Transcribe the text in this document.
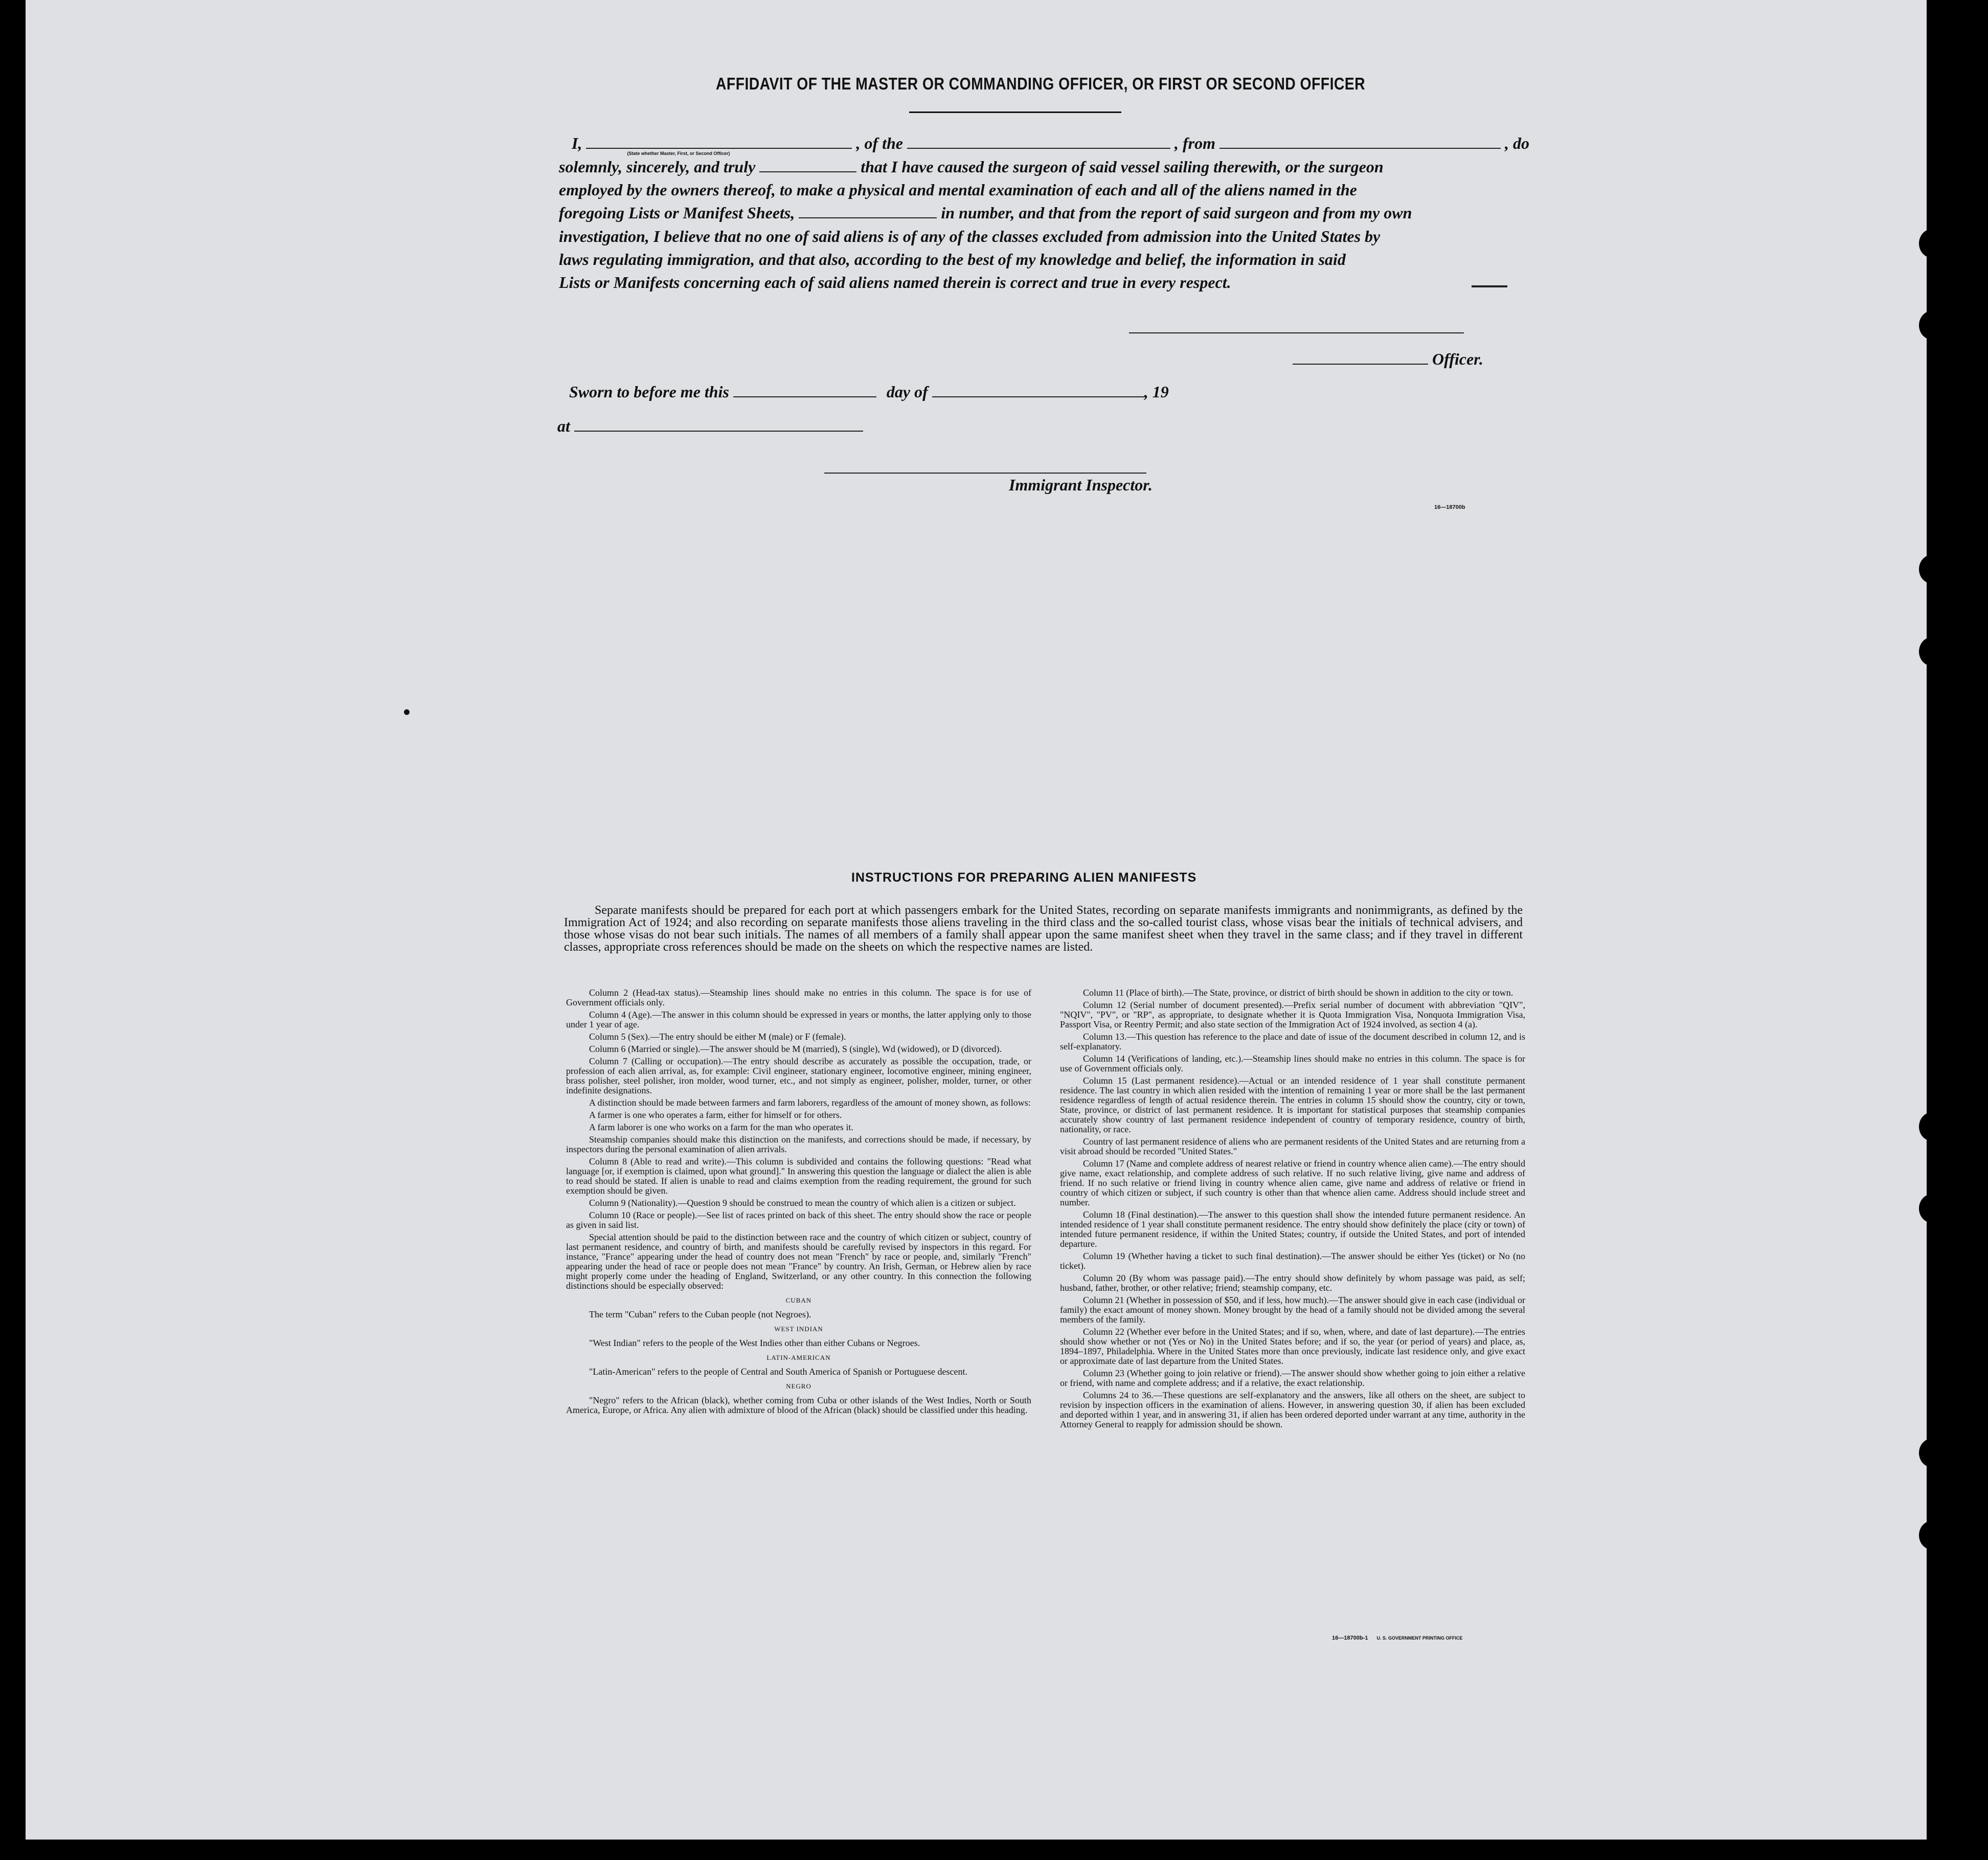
AFFIDAVIT OF THE MASTER OR COMMANDING OFFICER, OR FIRST OR SECOND OFFICER
I,
(State whether Master, First, or Second Officer)
, of the	, from	, do
solemnly, sincerely, and truly	that I have caused the surgeon of said vessel sailing therewith, or the surgeon
employed by the owners thereof, to make a physical and mental examination of each and all of the aliens named in the
foregoing Lists or Manifest Sheets,	in number, and that from the report of said surgeon and from my own
investigation, I believe that no one of said aliens is of any of the classes excluded from admission into the United States by
laws regulating immigration, and that also, according to the best of my knowledge and belief, the information in said
Lists or Manifests concerning each of said aliens named therein is correct and true in every respect.
Officer.
Sworn to before me this	day of	, 19
at
Immigrant Inspector.
16—18700b
INSTRUCTIONS FOR PREPARING ALIEN MANIFESTS
Separate manifests should be prepared for each port at which passengers embark for the United States, recording on separate manifests immigrants and nonimmigrants, as defined by the Immigration Act of 1924; and also recording on separate manifests those aliens traveling in the third class and the so-called tourist class, whose visas bear the initials of technical advisers, and those whose visas do not bear such initials. The names of all members of a family shall appear upon the same manifest sheet when they travel in the same class; and if they travel in different classes, appropriate cross references should be made on the sheets on which the respective names are listed.

Column 2 (Head-tax status).—Steamship lines should make no entries in this column. The space is for use of Government officials only.

Column 4 (Age).—The answer in this column should be expressed in years or months, the latter applying only to those under 1 year of age.

Column 5 (Sex).—The entry should be either M (male) or F (female).

Column 6 (Married or single).—The answer should be M (married), S (single), Wd (widowed), or D (divorced).

Column 7 (Calling or occupation).—The entry should describe as accurately as possible the occupation, trade, or profession of each alien arrival, as, for example: Civil engineer, stationary engineer, locomotive engineer, mining engineer, brass polisher, steel polisher, iron molder, wood turner, etc., and not simply as engineer, polisher, molder, turner, or other indefinite designations.

A distinction should be made between farmers and farm laborers, regardless of the amount of money shown, as follows:

A farmer is one who operates a farm, either for himself or for others.

A farm laborer is one who works on a farm for the man who operates it.

Steamship companies should make this distinction on the manifests, and corrections should be made, if necessary, by inspectors during the personal examination of alien arrivals.

Column 8 (Able to read and write).—This column is subdivided and contains the following questions: "Read what language [or, if exemption is claimed, upon what ground]." In answering this question the language or dialect the alien is able to read should be stated. If alien is unable to read and claims exemption from the reading requirement, the ground for such exemption should be given.

Column 9 (Nationality).—Question 9 should be construed to mean the country of which alien is a citizen or subject.

Column 10 (Race or people).—See list of races printed on back of this sheet. The entry should show the race or people as given in said list.

Special attention should be paid to the distinction between race and the country of which citizen or subject, country of last permanent residence, and country of birth, and manifests should be carefully revised by inspectors in this regard. For instance, "France" appearing under the head of country does not mean "French" by race or people, and, similarly "French" appearing under the head of race or people does not mean "France" by country. An Irish, German, or Hebrew alien by race might properly come under the heading of England, Switzerland, or any other country. In this connection the following distinctions should be especially observed:

CUBAN

The term "Cuban" refers to the Cuban people (not Negroes).

WEST INDIAN

"West Indian" refers to the people of the West Indies other than either Cubans or Negroes.

LATIN-AMERICAN

"Latin-American" refers to the people of Central and South America of Spanish or Portuguese descent.

NEGRO

"Negro" refers to the African (black), whether coming from Cuba or other islands of the West Indies, North or South America, Europe, or Africa. Any alien with admixture of blood of the African (black) should be classified under this heading.

Column 11 (Place of birth).—The State, province, or district of birth should be shown in addition to the city or town.

Column 12 (Serial number of document presented).—Prefix serial number of document with abbreviation "QIV", "NQIV", "PV", or "RP", as appropriate, to designate whether it is Quota Immigration Visa, Nonquota Immigration Visa, Passport Visa, or Reentry Permit; and also state section of the Immigration Act of 1924 involved, as section 4 (a).

Column 13.—This question has reference to the place and date of issue of the document described in column 12, and is self-explanatory.

Column 14 (Verifications of landing, etc.).—Steamship lines should make no entries in this column. The space is for use of Government officials only.

Column 15 (Last permanent residence).—Actual or an intended residence of 1 year shall constitute permanent residence. The last country in which alien resided with the intention of remaining 1 year or more shall be the last permanent residence regardless of length of actual residence therein. The entries in column 15 should show the country, city or town, State, province, or district of last permanent residence. It is important for statistical purposes that steamship companies accurately show country of last permanent residence independent of country of temporary residence, country of birth, nationality, or race.

Country of last permanent residence of aliens who are permanent residents of the United States and are returning from a visit abroad should be recorded "United States."

Column 17 (Name and complete address of nearest relative or friend in country whence alien came).—The entry should give name, exact relationship, and complete address of such relative. If no such relative living, give name and address of friend. If no such relative or friend living in country whence alien came, give name and address of relative or friend in country of which citizen or subject, if such country is other than that whence alien came. Address should include street and number.

Column 18 (Final destination).—The answer to this question shall show the intended future permanent residence. An intended residence of 1 year shall constitute permanent residence. The entry should show definitely the place (city or town) of intended future permanent residence, if within the United States; country, if outside the United States, and port of intended departure.

Column 19 (Whether having a ticket to such final destination).—The answer should be either Yes (ticket) or No (no ticket).

Column 20 (By whom was passage paid).—The entry should show definitely by whom passage was paid, as self; husband, father, brother, or other relative; friend; steamship company, etc.

Column 21 (Whether in possession of $50, and if less, how much).—The answer should give in each case (individual or family) the exact amount of money shown. Money brought by the head of a family should not be divided among the several members of the family.

Column 22 (Whether ever before in the United States; and if so, when, where, and date of last departure).—The entries should show whether or not (Yes or No) in the United States before; and if so, the year (or period of years) and place, as, 1894–1897, Philadelphia. Where in the United States more than once previously, indicate last residence only, and give exact or approximate date of last departure from the United States.

Column 23 (Whether going to join relative or friend).—The answer should show whether going to join either a relative or friend, with name and complete address; and if a relative, the exact relationship.

Columns 24 to 36.—These questions are self-explanatory and the answers, like all others on the sheet, are subject to revision by inspection officers in the examination of aliens. However, in answering question 30, if alien has been excluded and deported within 1 year, and in answering 31, if alien has been ordered deported under warrant at any time, authority in the Attorney General to reapply for admission should be shown.

16—18700b-1 U. S. GOVERNMENT PRINTING OFFICE
